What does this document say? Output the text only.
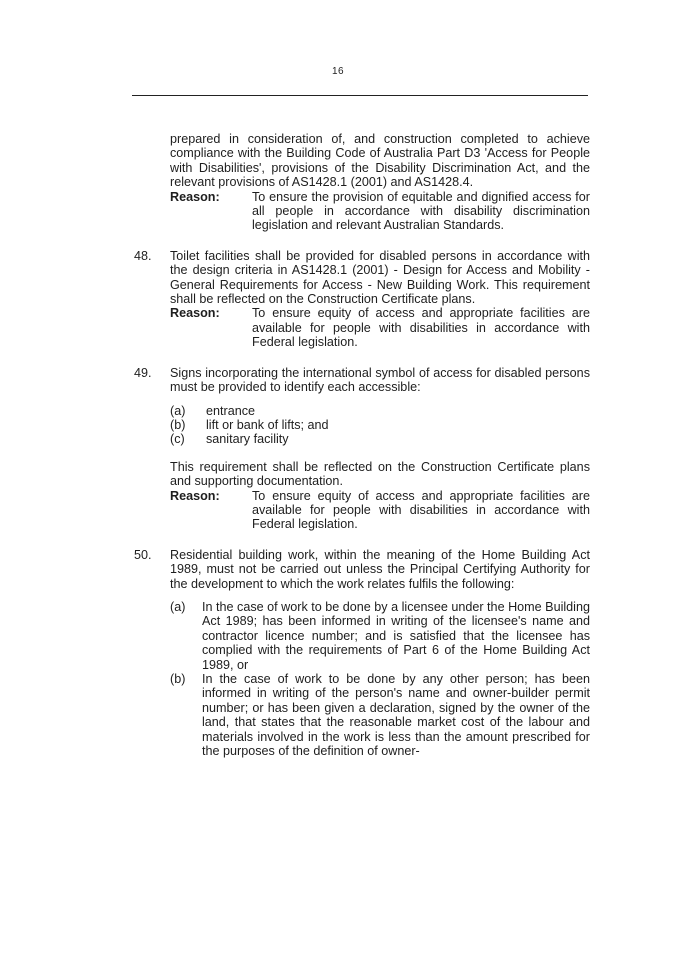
16

prepared in consideration of, and construction completed to achieve compliance with the Building Code of Australia Part D3 'Access for People with Disabilities', provisions of the Disability Discrimination Act, and the relevant provisions of AS1428.1 (2001) and AS1428.4.

Reason:	To ensure the provision of equitable and dignified access for all people in accordance with disability discrimination legislation and relevant Australian Standards.
48.	Toilet facilities shall be provided for disabled persons in accordance with the design criteria in AS1428.1 (2001) - Design for Access and Mobility - General Requirements for Access - New Building Work. This requirement shall be reflected on the Construction Certificate plans.

Reason:	To ensure equity of access and appropriate facilities are available for people with disabilities in accordance with Federal legislation.
49.	Signs incorporating the international symbol of access for disabled persons must be provided to identify each accessible:

(a)	entrance
(b)	lift or bank of lifts; and
(c)	sanitary facility

This requirement shall be reflected on the Construction Certificate plans and supporting documentation.

Reason:	To ensure equity of access and appropriate facilities are available for people with disabilities in accordance with Federal legislation.
50.	Residential building work, within the meaning of the Home Building Act 1989, must not be carried out unless the Principal Certifying Authority for the development to which the work relates fulfils the following:

(a)	In the case of work to be done by a licensee under the Home Building Act 1989; has been informed in writing of the licensee's name and contractor licence number; and is satisfied that the licensee has complied with the requirements of Part 6 of the Home Building Act 1989, or
(b)	In the case of work to be done by any other person; has been informed in writing of the person's name and owner-builder permit number; or has been given a declaration, signed by the owner of the land, that states that the reasonable market cost of the labour and materials involved in the work is less than the amount prescribed for the purposes of the definition of owner-
